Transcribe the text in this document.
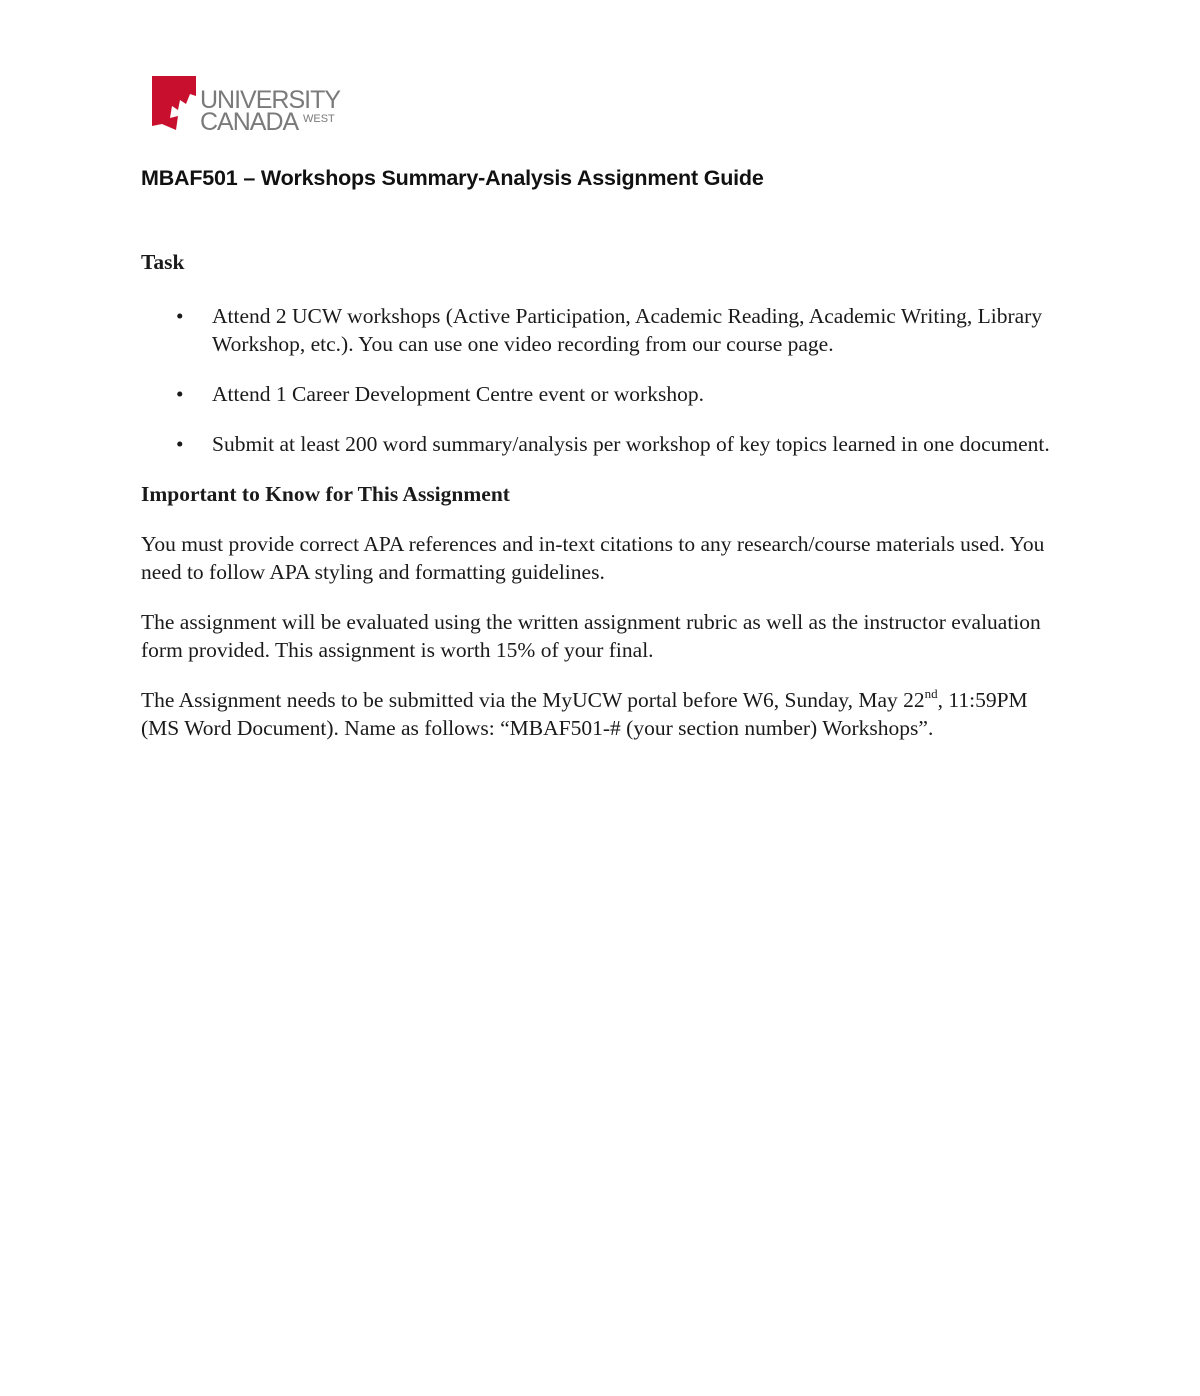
UNIVERSITY
CANADA WEST
MBAF501 – Workshops Summary-Analysis Assignment Guide

Task

• Attend 2 UCW workshops (Active Participation, Academic Reading, Academic Writing, Library Workshop, etc.). You can use one video recording from our course page.
• Attend 1 Career Development Centre event or workshop.
• Submit at least 200 word summary/analysis per workshop of key topics learned in one document.

Important to Know for This Assignment

You must provide correct APA references and in-text citations to any research/course materials used. You need to follow APA styling and formatting guidelines.

The assignment will be evaluated using the written assignment rubric as well as the instructor evaluation form provided. This assignment is worth 15% of your final.

The Assignment needs to be submitted via the MyUCW portal before W6, Sunday, May 22nd, 11:59PM (MS Word Document). Name as follows: “MBAF501-# (your section number) Workshops”.
